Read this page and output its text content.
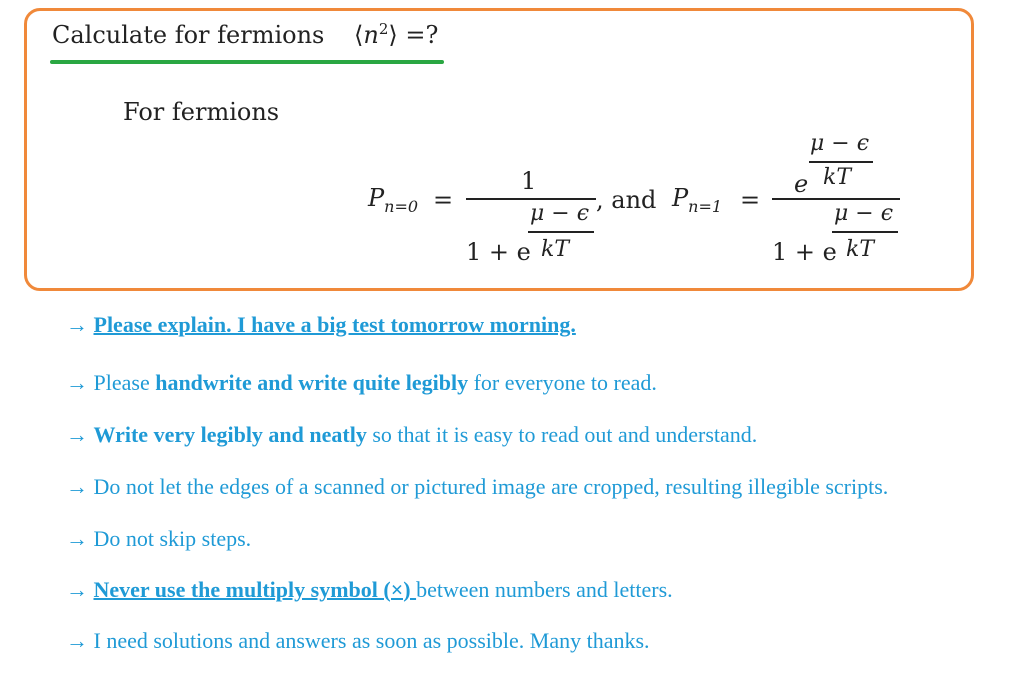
Calculate for fermions $⟨n^2⟩$ =?
For fermions
$P_{n=0}$ =
1
1 + e
μ − ϵ
kT
, and $P_{n=1}$ =
μ − ϵ
e kT
1 + e
μ − ϵ
kT
→ Please explain. I have a big test tomorrow morning.
→ Please handwrite and write quite legibly for everyone to read.
→ Write very legibly and neatly so that it is easy to read out and understand.
→ Do not let the edges of a scanned or pictured image are cropped, resulting illegible scripts.
→ Do not skip steps.
→ Never use the multiply symbol (×) between numbers and letters.
→ I need solutions and answers as soon as possible. Many thanks.
